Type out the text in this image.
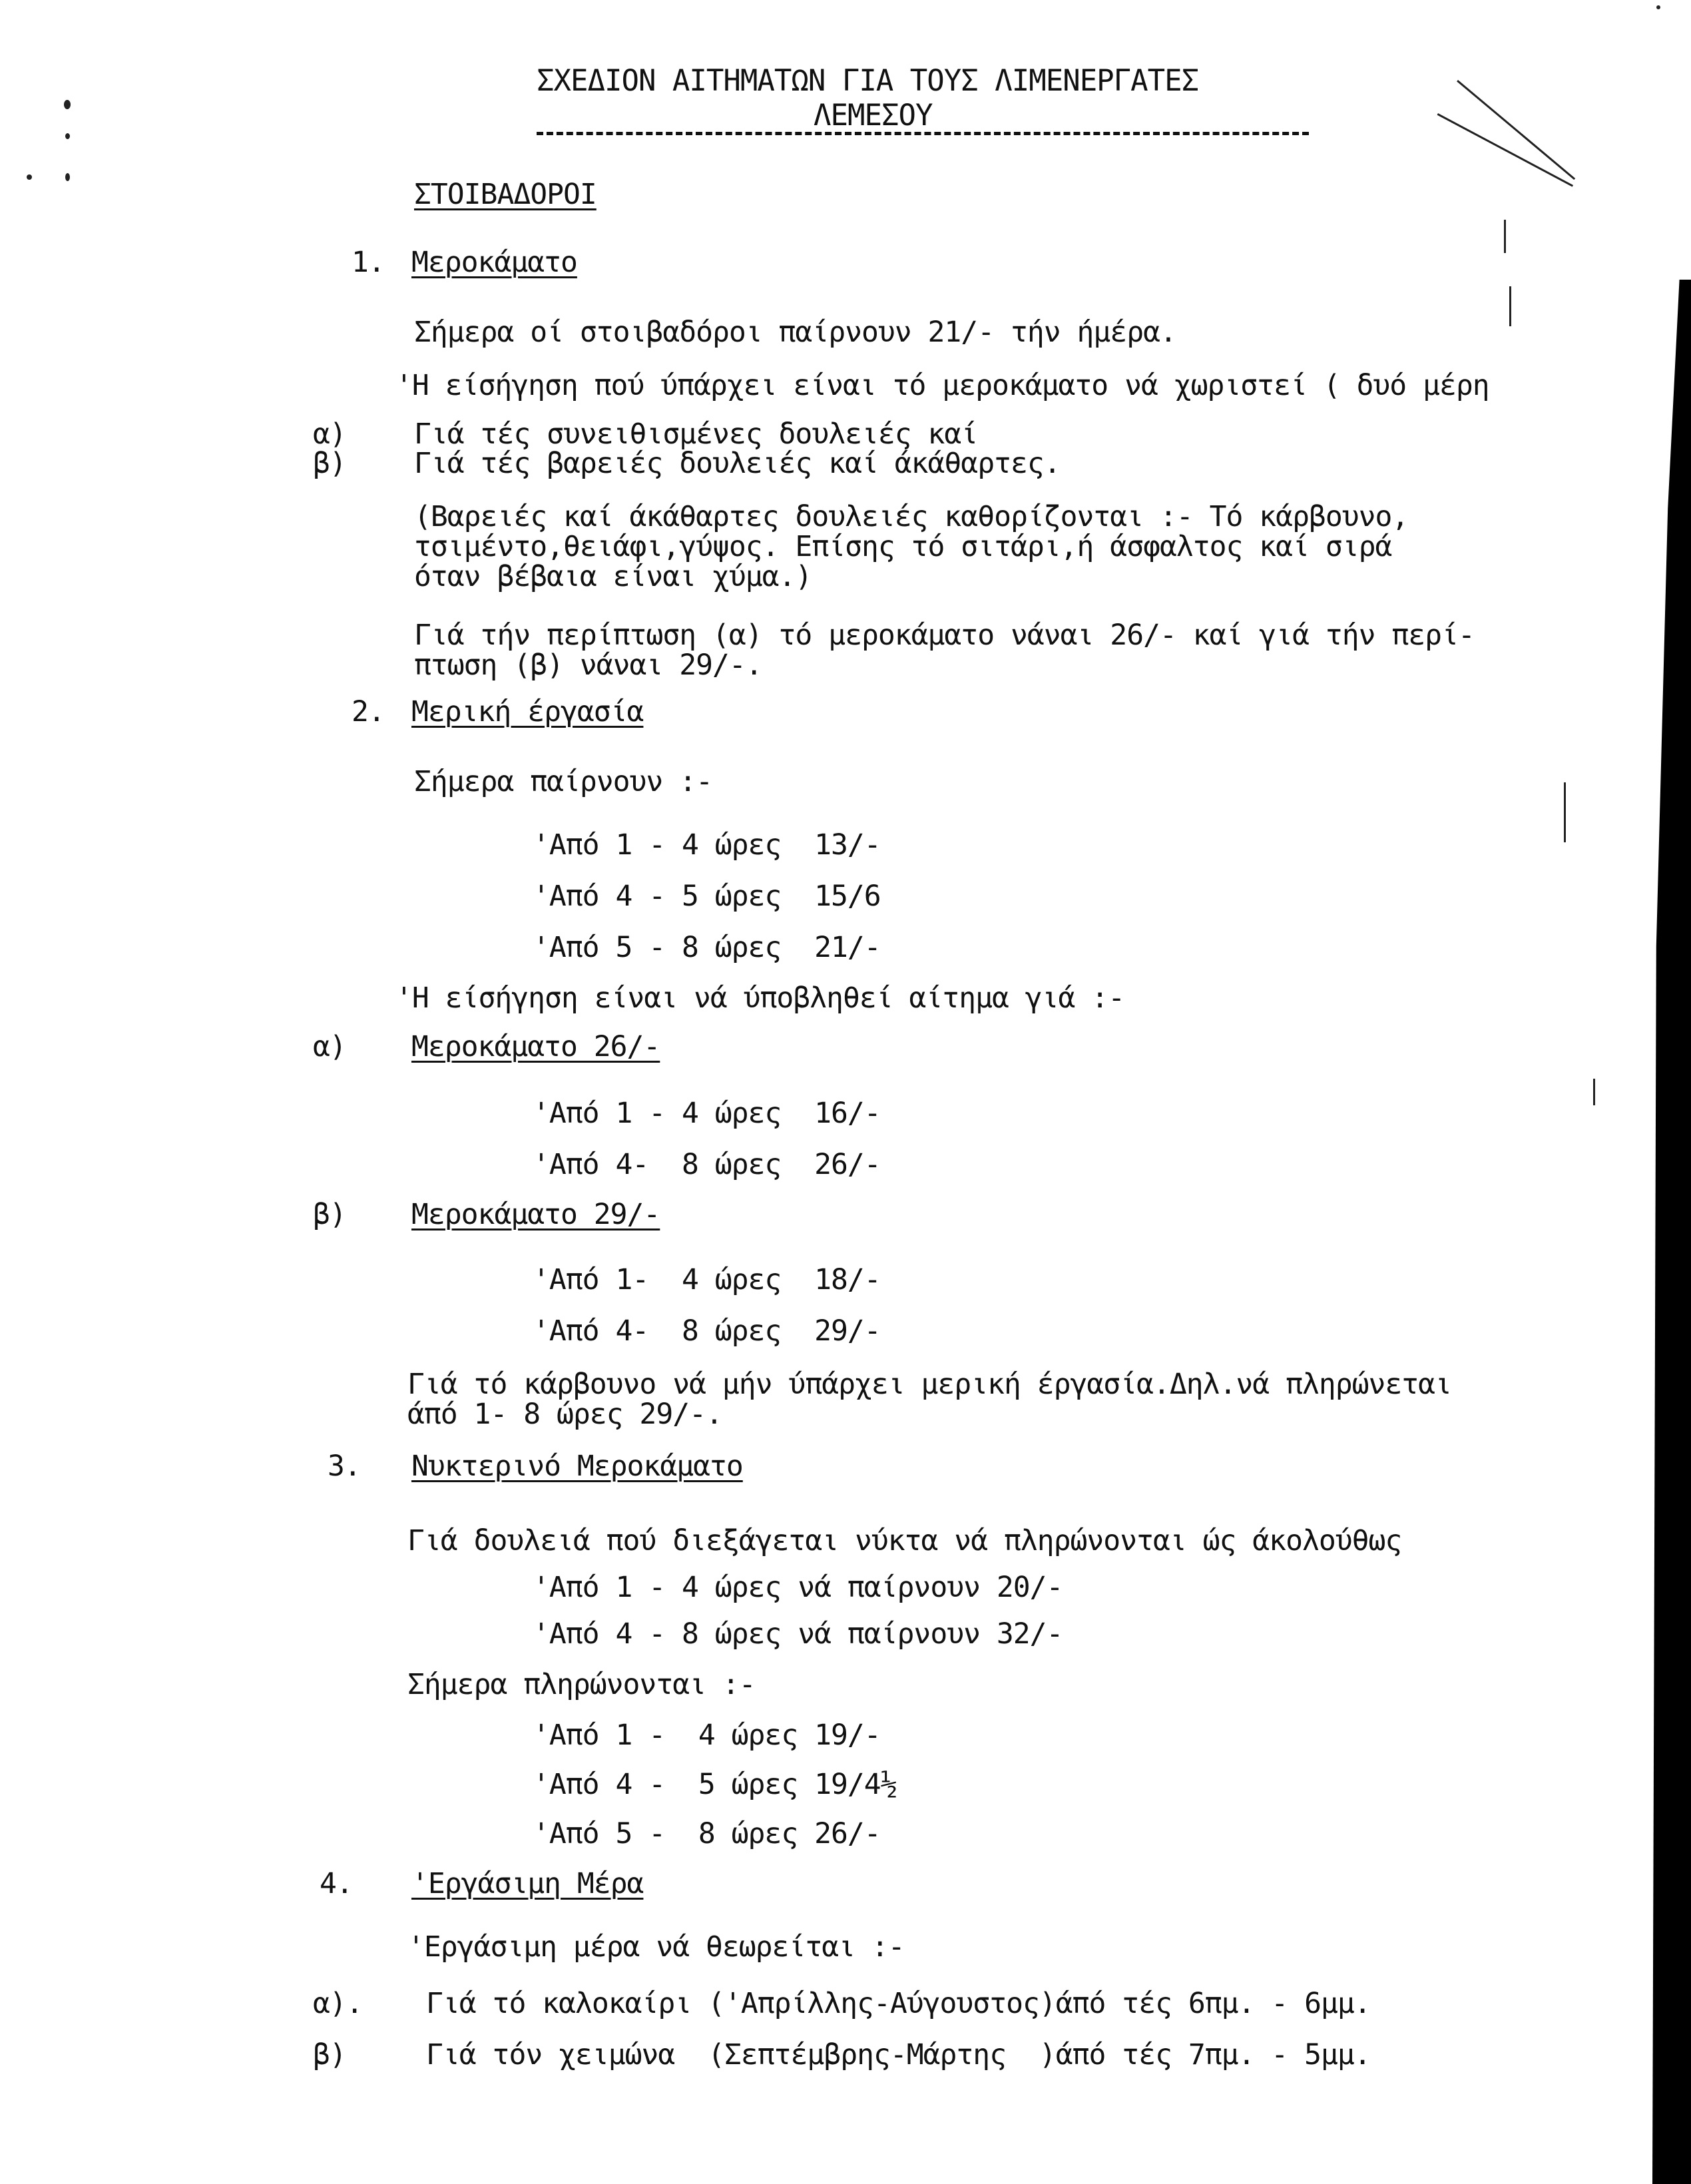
ΣΧΕΔΙΟΝ ΑΙΤΗΜΑΤΩΝ ΓΙΑ ΤΟΥΣ ΛΙΜΕΝΕΡΓΑΤΕΣ
ΛΕΜΕΣΟΥ
ΣΤΟΙΒΑΔΟΡΟΙ
1. Μεροκάματο
Σήμερα οί στοιβαδόροι παίρνουν 21/- τήν ήμέρα.
'Η είσήγηση πού ύπάρχει είναι τό μεροκάματο νά χωριστεί ( δυό μέρη
α) Γιά τές συνειθισμένες δουλειές καί
β) Γιά τές βαρειές δουλειές καί άκάθαρτες.
(Βαρειές καί άκάθαρτες δουλειές καθορίζονται :- Τό κάρβουνο,
τσιμέντο,θειάφι,γύψος. Επίσης τό σιτάρι,ή άσφαλτος καί σιρά
όταν βέβαια είναι χύμα.)
Γιά τήν περίπτωση (α) τό μεροκάματο νάναι 26/- καί γιά τήν περί-
πτωση (β) νάναι 29/-.
2. Μερική έργασία
Σήμερα παίρνουν :-
'Από 1 - 4 ώρες  13/-
'Από 4 - 5 ώρες  15/6
'Από 5 - 8 ώρες  21/-
'Η είσήγηση είναι νά ύποβληθεί αίτημα γιά :-
α) Μεροκάματο 26/-
'Από 1 - 4 ώρες  16/-
'Από 4-  8 ώρες  26/-
β) Μεροκάματο 29/-
'Από 1-  4 ώρες  18/-
'Από 4-  8 ώρες  29/-
Γιά τό κάρβουνο νά μήν ύπάρχει μερική έργασία.Δηλ.νά πληρώνεται
άπό 1- 8 ώρες 29/-.
3. Νυκτερινό Μεροκάματο
Γιά δουλειά πού διεξάγεται νύκτα νά πληρώνονται ώς άκολούθως
'Από 1 - 4 ώρες νά παίρνουν 20/-
'Από 4 - 8 ώρες νά παίρνουν 32/-
Σήμερα πληρώνονται :-
'Από 1 -  4 ώρες 19/-
'Από 4 -  5 ώρες 19/4½
'Από 5 -  8 ώρες 26/-
4. 'Εργάσιμη Μέρα
'Εργάσιμη μέρα νά θεωρείται :-
α). Γιά τό καλοκαίρι ('Απρίλλης-Αύγουστος)άπό τές 6πμ. - 6μμ.
β)	Γιά τόν χειμώνα  (Σεπτέμβρης-Μάρτης  )άπό τές 7πμ. - 5μμ.
